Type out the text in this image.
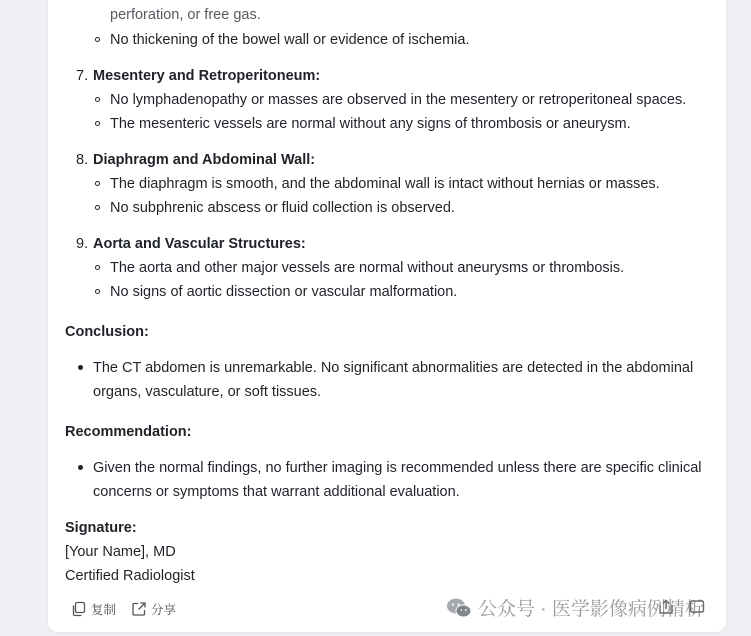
perforation, or free gas.
No thickening of the bowel wall or evidence of ischemia.
7. Mesentery and Retroperitoneum:
No lymphadenopathy or masses are observed in the mesentery or retroperitoneal spaces.
The mesenteric vessels are normal without any signs of thrombosis or aneurysm.
8. Diaphragm and Abdominal Wall:
The diaphragm is smooth, and the abdominal wall is intact without hernias or masses.
No subphrenic abscess or fluid collection is observed.
9. Aorta and Vascular Structures:
The aorta and other major vessels are normal without aneurysms or thrombosis.
No signs of aortic dissection or vascular malformation.
Conclusion:
The CT abdomen is unremarkable. No significant abnormalities are detected in the abdominal
organs, vasculature, or soft tissues.
Recommendation:
Given the normal findings, no further imaging is recommended unless there are specific clinical
concerns or symptoms that warrant additional evaluation.
Signature:
[Your Name], MD
Certified Radiologist
复制	分享	公众号 · 医学影像病例精析
